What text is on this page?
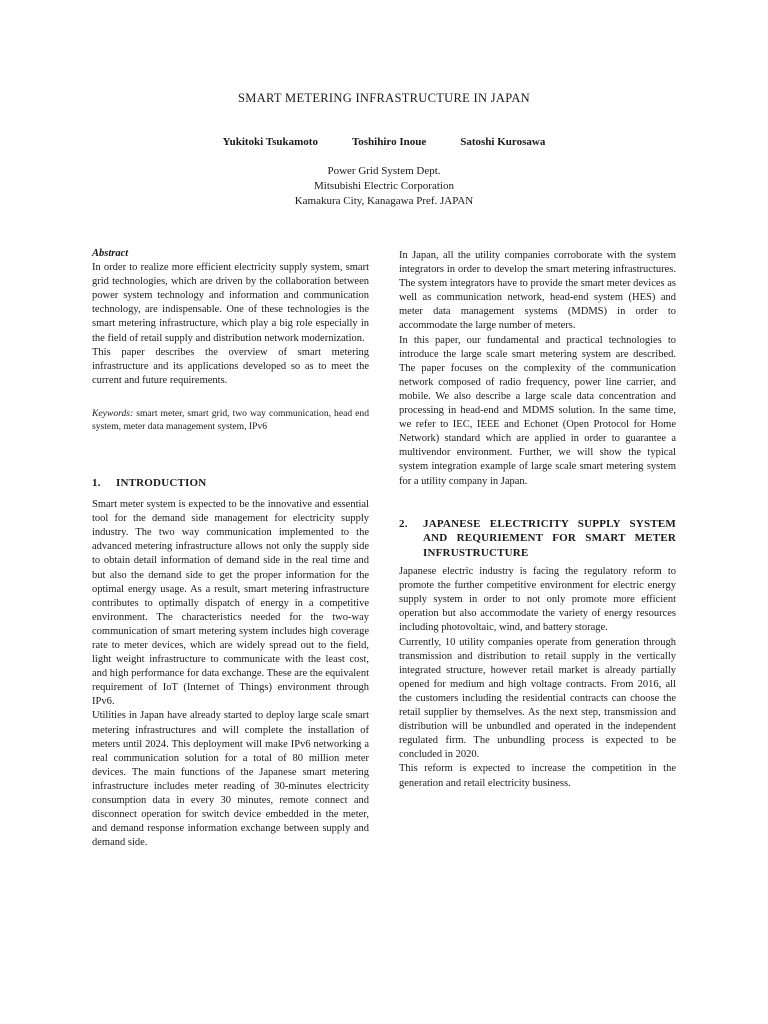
SMART METERING INFRASTRUCTURE IN JAPAN
Yukitoki Tsukamoto	Toshihiro Inoue	Satoshi Kurosawa
Power Grid System Dept.
Mitsubishi Electric Corporation
Kamakura City, Kanagawa Pref. JAPAN

Abstract

In order to realize more efficient electricity supply system, smart grid technologies, which are driven by the collaboration between power system technology and information and communication technology, are indispensable. One of these technologies is the smart metering infrastructure, which play a big role especially in the field of retail supply and distribution network modernization.

This paper describes the overview of smart metering infrastructure and its applications developed so as to meet the current and future requirements.

Keywords: smart meter, smart grid, two way communication, head end system, meter data management system, IPv6

1.	INTRODUCTION

Smart meter system is expected to be the innovative and essential tool for the demand side management for electricity supply industry. The two way communication implemented to the advanced metering infrastructure allows not only the supply side to obtain detail information of demand side in the real time and but also the demand side to get the proper information for the optimal energy usage. As a result, smart metering infrastructure contributes to optimally dispatch of energy in a competitive environment. The characteristics needed for the two-way communication of smart metering system includes high coverage rate to meter devices, which are widely spread out to the field, light weight infrastructure to communicate with the least cost, and high performance for data exchange. These are the equivalent requirement of IoT (Internet of Things) environment through IPv6.

Utilities in Japan have already started to deploy large scale smart metering infrastructures and will complete the installation of meters until 2024. This deployment will make IPv6 networking a real communication solution for a total of 80 million meter devices. The main functions of the Japanese smart metering infrastructure includes meter reading of 30-minutes electricity consumption data in every 30 minutes, remote connect and disconnect operation for switch device embedded in the meter, and demand response information exchange between supply and demand side.

In Japan, all the utility companies corroborate with the system integrators in order to develop the smart metering infrastructures. The system integrators have to provide the smart meter devices as well as communication network, head-end system (HES) and meter data management systems (MDMS) in order to accommodate the large number of meters.

In this paper, our fundamental and practical technologies to introduce the large scale smart metering system are described. The paper focuses on the complexity of the communication network composed of radio frequency, power line carrier, and mobile. We also describe a large scale data concentration and processing in head-end and MDMS solution. In the same time, we refer to IEC, IEEE and Echonet (Open Protocol for Home Network) standard which are applied in order to guarantee a multivendor environment. Further, we will show the typical system integration example of large scale smart metering system for a utility company in Japan.

2.	JAPANESE ELECTRICITY SUPPLY SYSTEM AND REQURIEMENT FOR SMART METER INFRUSTRUCTURE

Japanese electric industry is facing the regulatory reform to promote the further competitive environment for electric energy supply system in order to not only promote more efficient operation but also accommodate the variety of energy resources including photovoltaic, wind, and battery storage.

Currently, 10 utility companies operate from generation through transmission and distribution to retail supply in the vertically integrated structure, however retail market is already partially opened for medium and high voltage contracts. From 2016, all the customers including the residential contracts can choose the retail supplier by themselves. As the next step, transmission and distribution will be unbundled and operated in the independent regulated firm. The unbundling process is expected to be concluded in 2020.

This reform is expected to increase the competition in the generation and retail electricity business.
